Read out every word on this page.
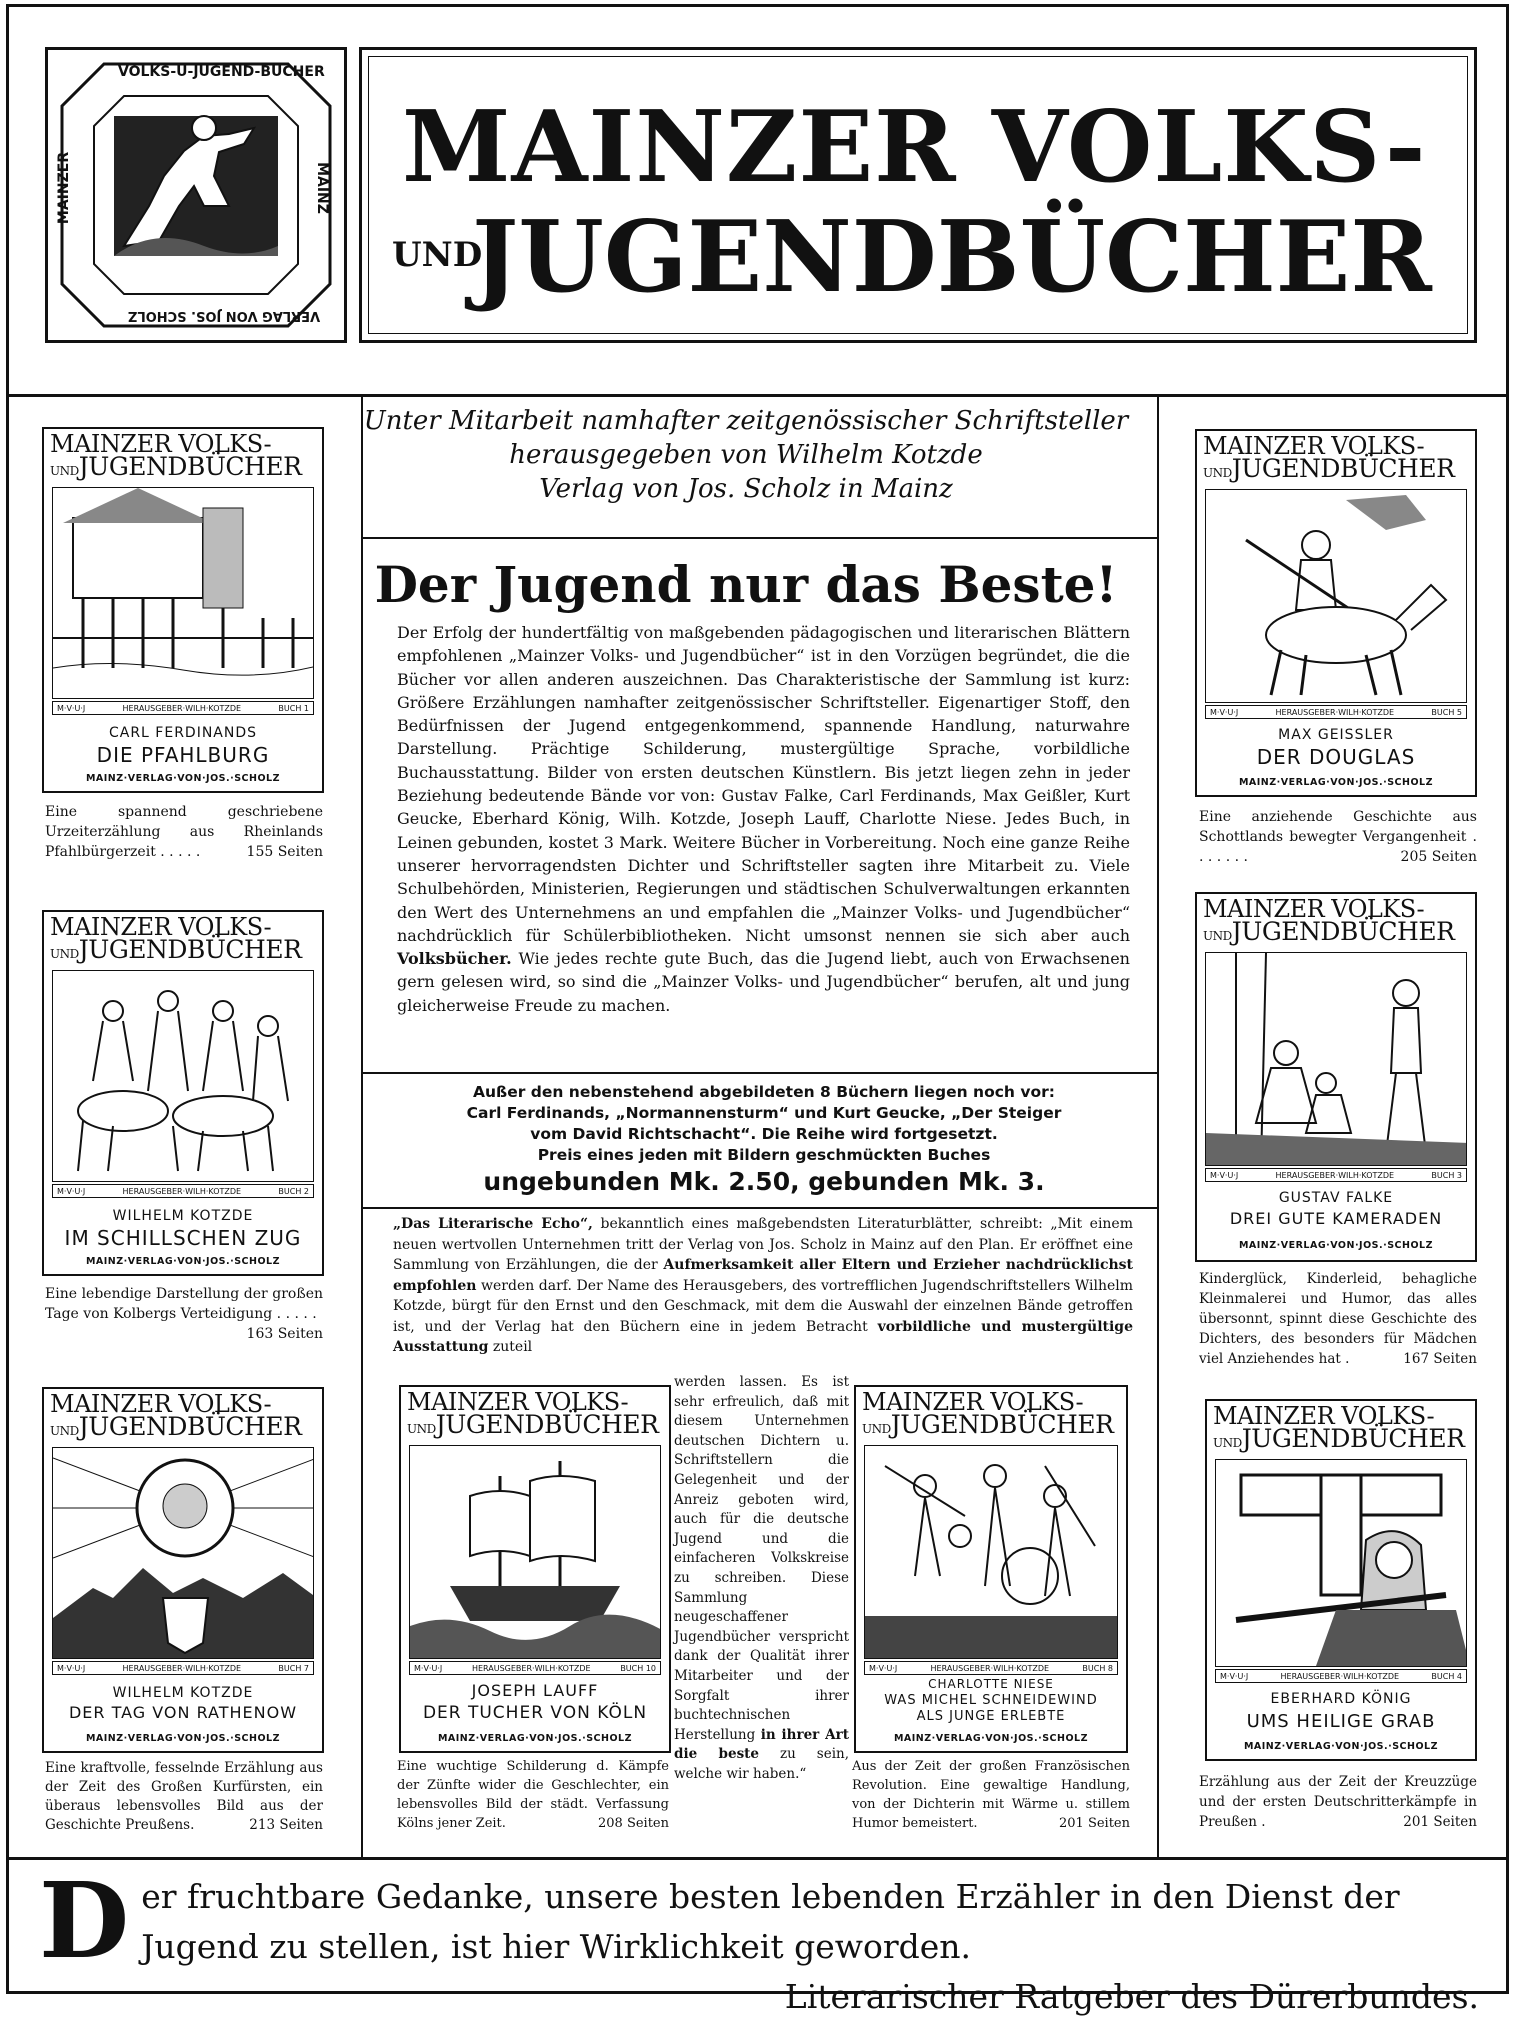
VOLKS-U-JUGEND-BÜCHER
MAINZER	MAINZ
VERLAG VON JOS. SCHOLZ
MAINZER VOLKS-
UND
JUGENDBÜCHER
MAINZER VOLKS-
UNDJUGENDBÜCHER
M·V·U·J	HERAUSGEBER·WILH·KOTZDE	BUCH 1
CARL FERDINANDS
DIE PFAHLBURG
MAINZ·VERLAG·VON·JOS.·SCHOLZ
Eine spannend geschriebene Urzeiterzählung aus Rheinlands Pfahlbürgerzeit . . . . .	155 Seiten
MAINZER VOLKS-
UNDJUGENDBÜCHER
M·V·U·J	HERAUSGEBER·WILH·KOTZDE	BUCH 2
WILHELM KOTZDE
IM SCHILLSCHEN ZUG
MAINZ·VERLAG·VON·JOS.·SCHOLZ
Eine lebendige Darstellung der großen Tage von Kolbergs Verteidigung . . . . .
163 Seiten
MAINZER VOLKS-
UNDJUGENDBÜCHER
M·V·U·J	HERAUSGEBER·WILH·KOTZDE	BUCH 7
WILHELM KOTZDE
DER TAG VON RATHENOW
MAINZ·VERLAG·VON·JOS.·SCHOLZ
Eine kraftvolle, fesselnde Erzählung aus der Zeit des Großen Kurfürsten, ein überaus lebensvolles Bild aus der Geschichte Preußens.	213 Seiten
Unter Mitarbeit namhafter zeitgenössischer Schriftsteller
herausgegeben von Wilhelm Kotzde
Verlag von Jos. Scholz in Mainz
Der Jugend nur das Beste!

Der Erfolg der hundertfältig von maßgebenden pädagogischen und literarischen Blättern empfohlenen „Mainzer Volks- und Jugendbücher“ ist in den Vorzügen begründet, die die Bücher vor allen anderen auszeichnen. Das Charakteristische der Sammlung ist kurz: Größere Erzählungen namhafter zeitgenössischer Schriftsteller. Eigenartiger Stoff, den Bedürfnissen der Jugend entgegenkommend, spannende Handlung, naturwahre Darstellung. Prächtige Schilderung, mustergültige Sprache, vorbildliche Buchausstattung. Bilder von ersten deutschen Künstlern. Bis jetzt liegen zehn in jeder Beziehung bedeutende Bände vor von: Gustav Falke, Carl Ferdinands, Max Geißler, Kurt Geucke, Eberhard König, Wilh. Kotzde, Joseph Lauff, Charlotte Niese. Jedes Buch, in Leinen gebunden, kostet 3 Mark. Weitere Bücher in Vorbereitung. Noch eine ganze Reihe unserer hervorragendsten Dichter und Schriftsteller sagten ihre Mitarbeit zu. Viele Schulbehörden, Ministerien, Regierungen und städtischen Schulverwaltungen erkannten den Wert des Unternehmens an und empfahlen die „Mainzer Volks- und Jugendbücher“ nachdrücklich für Schülerbibliotheken. Nicht umsonst nennen sie sich aber auch Volksbücher. Wie jedes rechte gute Buch, das die Jugend liebt, auch von Erwachsenen gern gelesen wird, so sind die „Mainzer Volks- und Jugendbücher“ berufen, alt und jung gleicherweise Freude zu machen.

Außer den nebenstehend abgebildeten 8 Büchern liegen noch vor:
Carl Ferdinands, „Normannensturm“ und Kurt Geucke, „Der Steiger
vom David Richtschacht“. Die Reihe wird fortgesetzt.
Preis eines jeden mit Bildern geschmückten Buches
ungebunden Mk. 2.50, gebunden Mk. 3.
„Das Literarische Echo“, bekanntlich eines maßgebendsten Literaturblätter, schreibt: „Mit einem neuen wertvollen Unternehmen tritt der Verlag von Jos. Scholz in Mainz auf den Plan. Er eröffnet eine Sammlung von Erzählungen, die der Aufmerksamkeit aller Eltern und Erzieher nachdrücklichst empfohlen werden darf. Der Name des Herausgebers, des vortrefflichen Jugendschriftstellers Wilhelm Kotzde, bürgt für den Ernst und den Geschmack, mit dem die Auswahl der einzelnen Bände getroffen ist, und der Verlag hat den Büchern eine in jedem Betracht vorbildliche und mustergültige Ausstattung zuteil
MAINZER VOLKS-
UNDJUGENDBÜCHER
M·V·U·J	HERAUSGEBER·WILH·KOTZDE	BUCH 10
JOSEPH LAUFF
DER TUCHER VON KÖLN
MAINZ·VERLAG·VON·JOS.·SCHOLZ
Eine wuchtige Schilderung d. Kämpfe der Zünfte wider die Geschlechter, ein lebensvolles Bild der städt. Verfassung Kölns jener Zeit.	208 Seiten
werden lassen. Es ist sehr erfreulich, daß mit diesem Unternehmen deutschen Dichtern u. Schriftstellern die Gelegenheit und der Anreiz geboten wird, auch für die deutsche Jugend und die einfacheren Volkskreise zu schreiben. Diese Sammlung neugeschaffener Jugendbücher verspricht dank der Qualität ihrer Mitarbeiter und der Sorgfalt ihrer buchtechnischen Herstellung in ihrer Art die beste zu sein, welche wir haben.“
MAINZER VOLKS-
UNDJUGENDBÜCHER
M·V·U·J	HERAUSGEBER·WILH·KOTZDE	BUCH 8
CHARLOTTE NIESE
WAS MICHEL SCHNEIDEWIND
ALS JUNGE ERLEBTE
MAINZ·VERLAG·VON·JOS.·SCHOLZ
Aus der Zeit der großen Französischen Revolution. Eine gewaltige Handlung, von der Dichterin mit Wärme u. stillem Humor bemeistert.	201 Seiten
MAINZER VOLKS-
UNDJUGENDBÜCHER
M·V·U·J	HERAUSGEBER·WILH·KOTZDE	BUCH 5
MAX GEISSLER
DER DOUGLAS
MAINZ·VERLAG·VON·JOS.·SCHOLZ
Eine anziehende Geschichte aus Schottlands bewegter Vergangenheit . . . . . . .	205 Seiten
MAINZER VOLKS-
UNDJUGENDBÜCHER
M·V·U·J	HERAUSGEBER·WILH·KOTZDE	BUCH 3
GUSTAV FALKE
DREI GUTE KAMERADEN
MAINZ·VERLAG·VON·JOS.·SCHOLZ
Kinderglück, Kinderleid, behagliche Kleinmalerei und Humor, das alles übersonnt, spinnt diese Geschichte des Dichters, des besonders für Mädchen viel Anziehendes hat .	167 Seiten
MAINZER VOLKS-
UNDJUGENDBÜCHER
M·V·U·J	HERAUSGEBER·WILH·KOTZDE	BUCH 4
EBERHARD KÖNIG
UMS HEILIGE GRAB
MAINZ·VERLAG·VON·JOS.·SCHOLZ
Erzählung aus der Zeit der Kreuzzüge und der ersten Deutschritterkämpfe in Preußen .	201 Seiten
Der fruchtbare Gedanke, unsere besten lebenden Erzähler in den Dienst der Jugend zu stellen, ist hier Wirklichkeit geworden.
Literarischer Ratgeber des Dürerbundes.
